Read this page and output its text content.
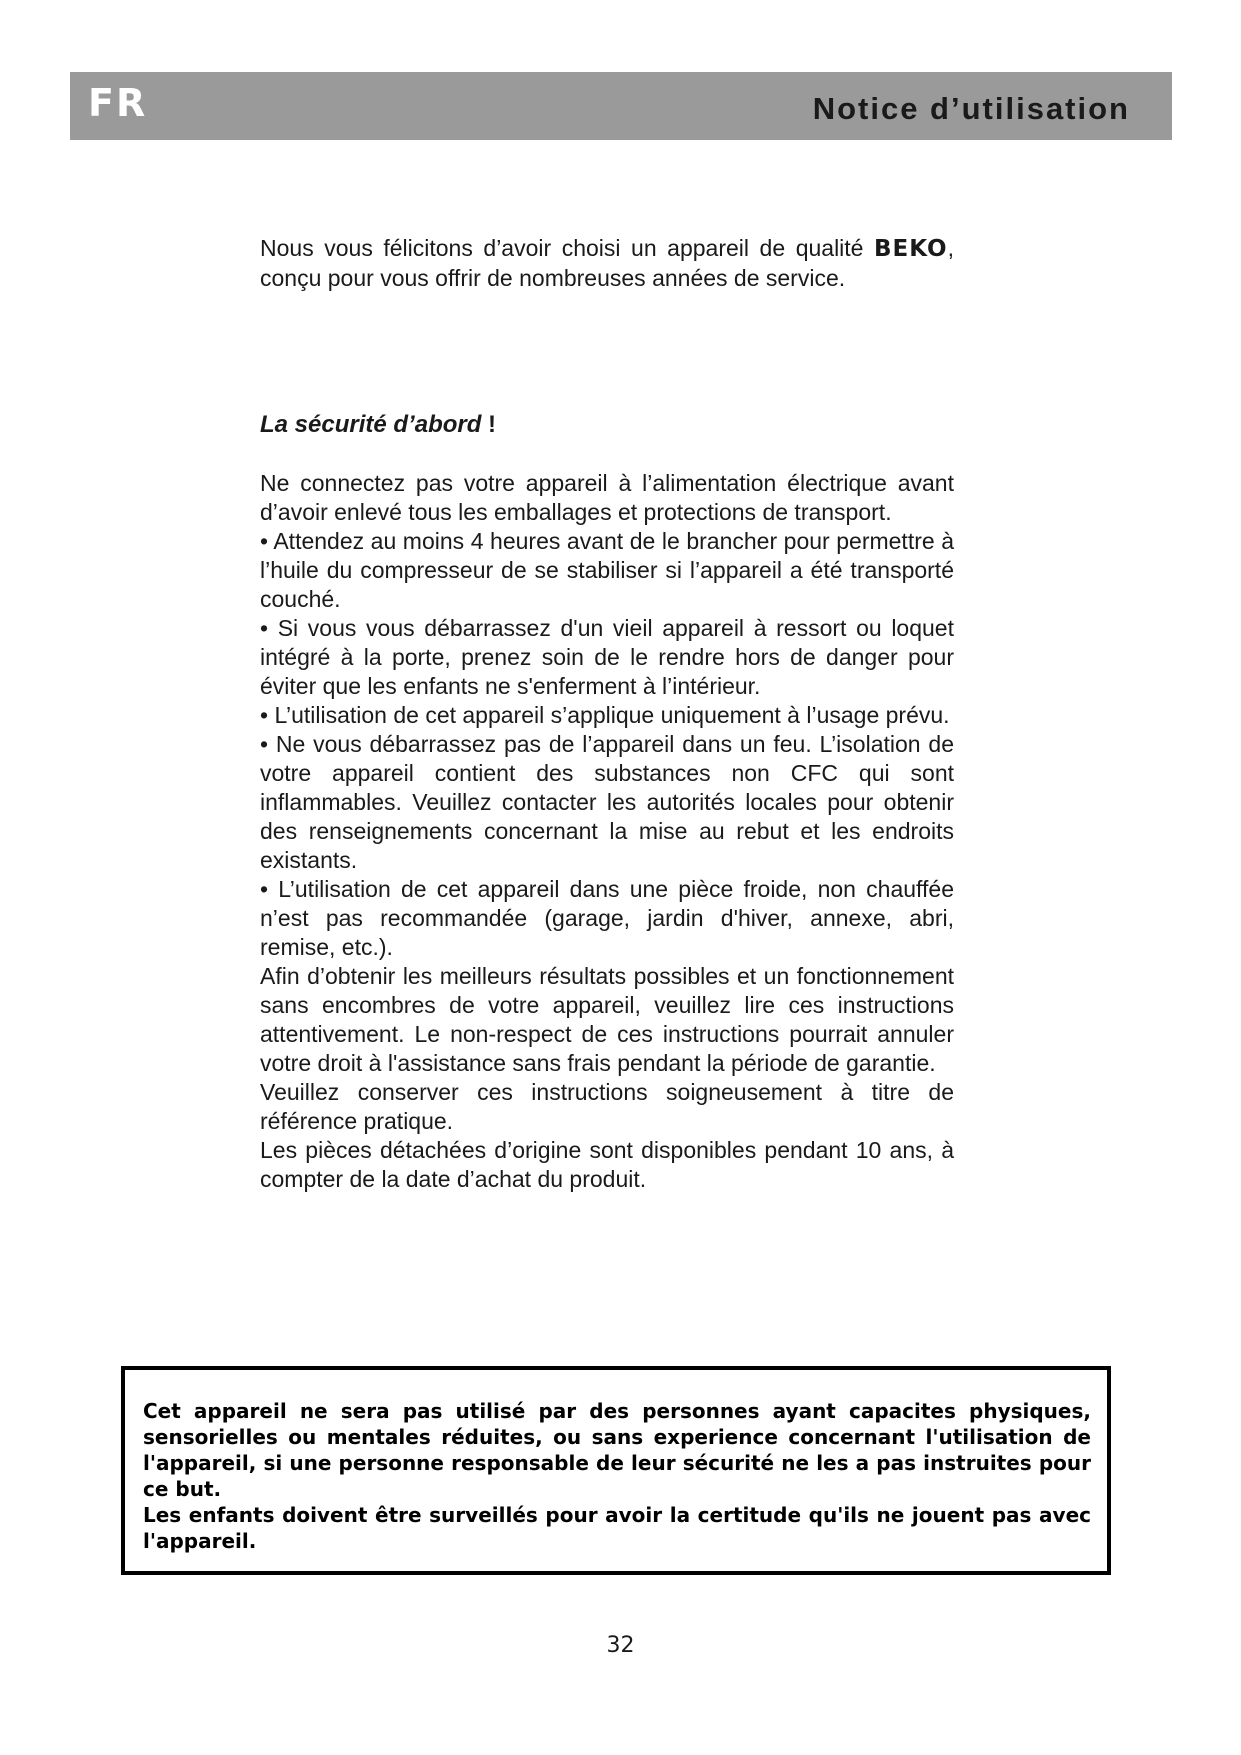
FR	Notice d’utilisation
Nous vous félicitons d’avoir choisi un appareil de qualité BEKO, conçu pour vous offrir de nombreuses années de service.
La sécurité d’abord !

Ne connectez pas votre appareil à l’alimentation électrique avant d’avoir enlevé tous les emballages et protections de transport.

• Attendez au moins 4 heures avant de le brancher pour permettre à l’huile du compresseur de se stabiliser si l’appareil a été transporté couché.

• Si vous vous débarrassez d'un vieil appareil à ressort ou loquet intégré à la porte, prenez soin de le rendre hors de danger pour éviter que les enfants ne s'enferment à l’intérieur.

• L’utilisation de cet appareil s’applique uniquement à l’usage prévu.

• Ne vous débarrassez pas de l’appareil dans un feu. L’isolation de votre appareil contient des substances non CFC qui sont inflammables. Veuillez contacter les autorités locales pour obtenir des renseignements concernant la mise au rebut et les endroits existants.

• L’utilisation de cet appareil dans une pièce froide, non chauffée n’est pas recommandée (garage, jardin d'hiver, annexe, abri, remise, etc.).

Afin d’obtenir les meilleurs résultats possibles et un fonctionnement sans encombres de votre appareil, veuillez lire ces instructions attentivement. Le non-respect de ces instructions pourrait annuler votre droit à l'assistance sans frais pendant la période de garantie.

Veuillez conserver ces instructions soigneusement à titre de référence pratique.

Les pièces détachées d’origine sont disponibles pendant 10 ans, à compter de la date d’achat du produit.

Cet appareil ne sera pas utilisé par des personnes ayant capacites physiques, sensorielles ou mentales réduites, ou sans experience concernant l'utilisation de l'appareil, si une personne responsable de leur sécurité ne les a pas instruites pour ce but.

Les enfants doivent être surveillés pour avoir la certitude qu'ils ne jouent pas avec l'appareil.

32
